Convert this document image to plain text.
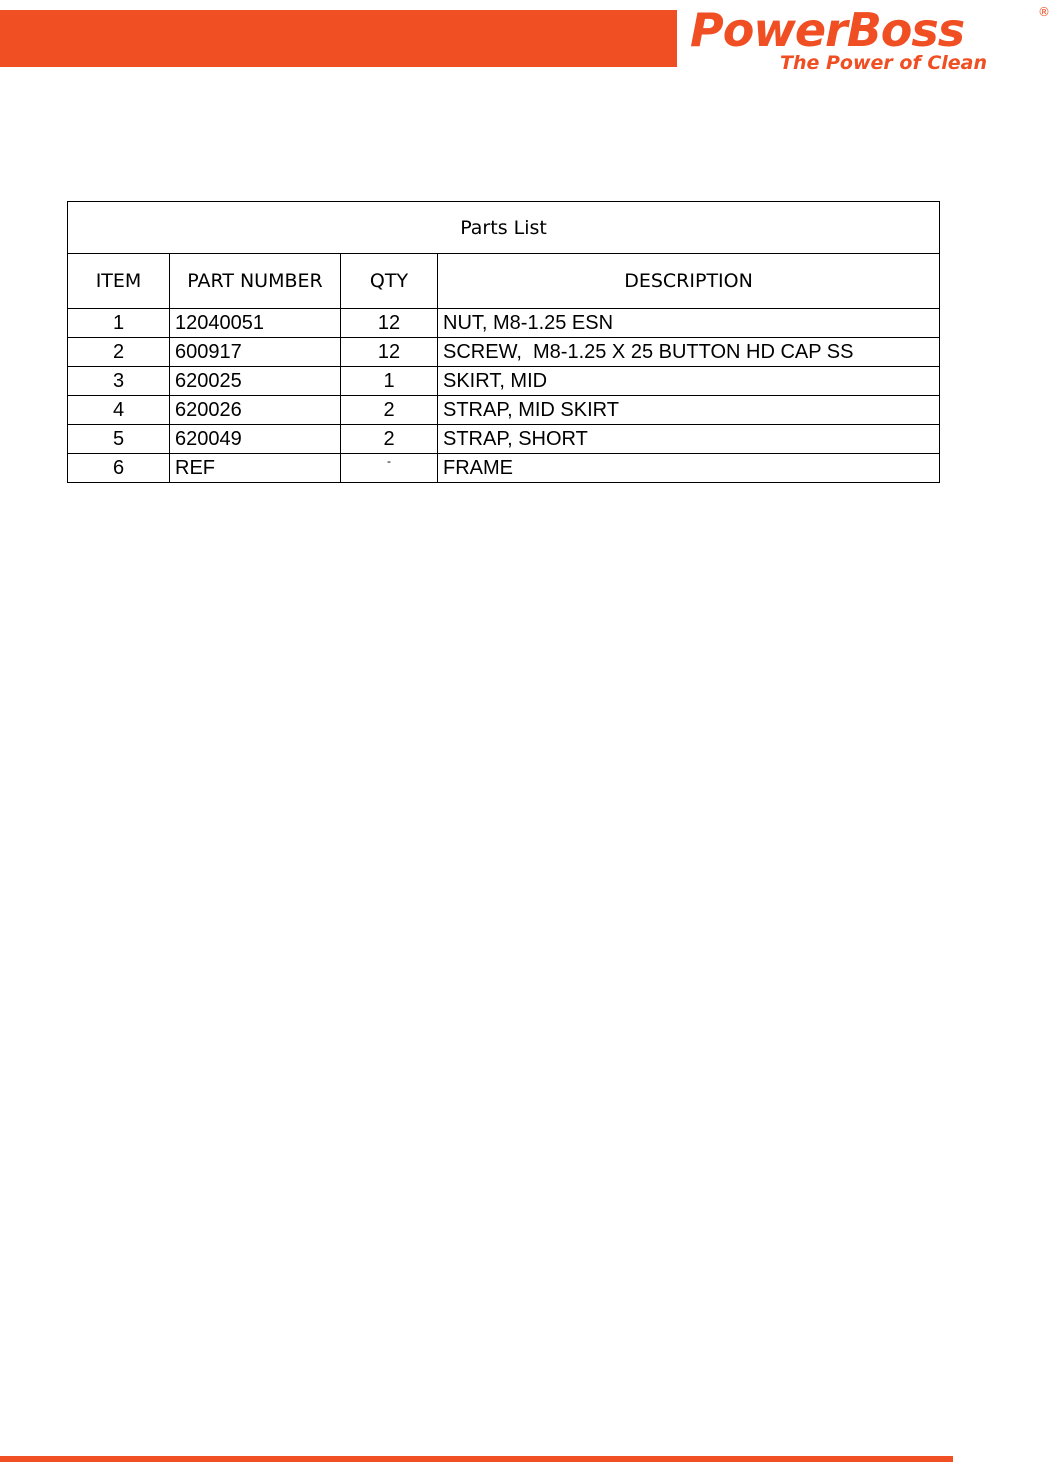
PowerBoss	®
The Power of Clean
Parts List			
ITEM	PART NUMBER	QTY	DESCRIPTION
1	12040051	12	NUT, M8-1.25 ESN
2	600917	12	SCREW,  M8-1.25 X 25 BUTTON HD CAP SS
3	620025	1	SKIRT, MID
4	620026	2	STRAP, MID SKIRT
5	620049	2	STRAP, SHORT
6	REF	-	FRAME
